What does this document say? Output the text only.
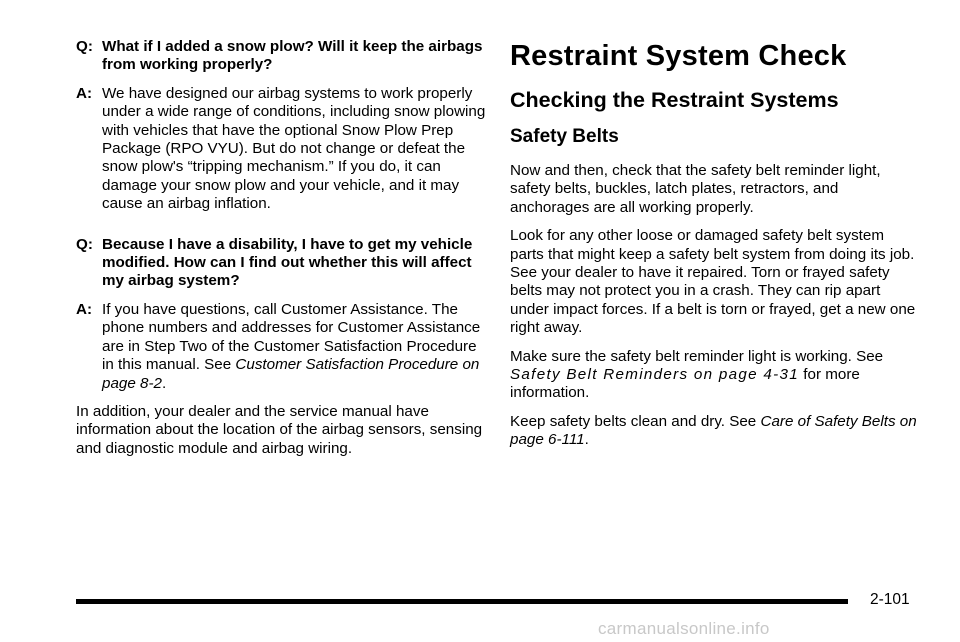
Q: What if I added a snow plow? Will it keep the airbags from working properly?
A: We have designed our airbag systems to work properly under a wide range of conditions, including snow plowing with vehicles that have the optional Snow Plow Prep Package (RPO VYU). But do not change or defeat the snow plow's “tripping mechanism.” If you do, it can damage your snow plow and your vehicle, and it may cause an airbag inflation.
Q: Because I have a disability, I have to get my vehicle modified. How can I find out whether this will affect my airbag system?
A: If you have questions, call Customer Assistance. The phone numbers and addresses for Customer Assistance are in Step Two of the Customer Satisfaction Procedure in this manual. See Customer Satisfaction Procedure on page 8-2.

In addition, your dealer and the service manual have information about the location of the airbag sensors, sensing and diagnostic module and airbag wiring.

Restraint System Check
Checking the Restraint Systems
Safety Belts

Now and then, check that the safety belt reminder light, safety belts, buckles, latch plates, retractors, and anchorages are all working properly.

Look for any other loose or damaged safety belt system parts that might keep a safety belt system from doing its job. See your dealer to have it repaired. Torn or frayed safety belts may not protect you in a crash. They can rip apart under impact forces. If a belt is torn or frayed, get a new one right away.

Make sure the safety belt reminder light is working. See Safety Belt Reminders on page 4-31 for more information.

Keep safety belts clean and dry. See Care of Safety Belts on page 6-111.

2-101
carmanualsonline.info
